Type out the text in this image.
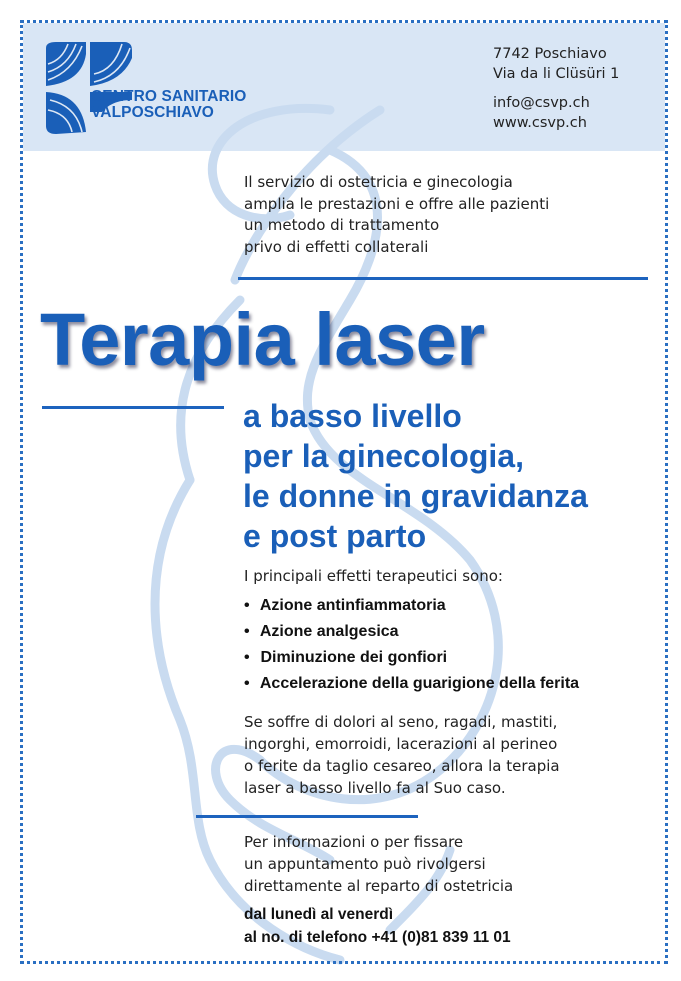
CENTRO SANITARIO
VALPOSCHIAVO
7742 Poschiavo
Via da li Clüsüri 1
info@csvp.ch
www.csvp.ch
Il servizio di ostetricia e ginecologia
amplia le prestazioni e offre alle pazienti
un metodo di trattamento
privo di effetti collaterali
Terapia laser
a basso livello
per la ginecologia,
le donne in gravidanza
e post parto
I principali effetti terapeutici sono:
• Azione antinfiammatoria
• Azione analgesica
• Diminuzione dei gonfiori
• Accelerazione della guarigione della ferita
Se soffre di dolori al seno, ragadi, mastiti,
ingorghi, emorroidi, lacerazioni al perineo
o ferite da taglio cesareo, allora la terapia
laser a basso livello fa al Suo caso.
Per informazioni o per fissare
un appuntamento può rivolgersi
direttamente al reparto di ostetricia
dal lunedì al venerdì
al no. di telefono +41 (0)81 839 11 01
